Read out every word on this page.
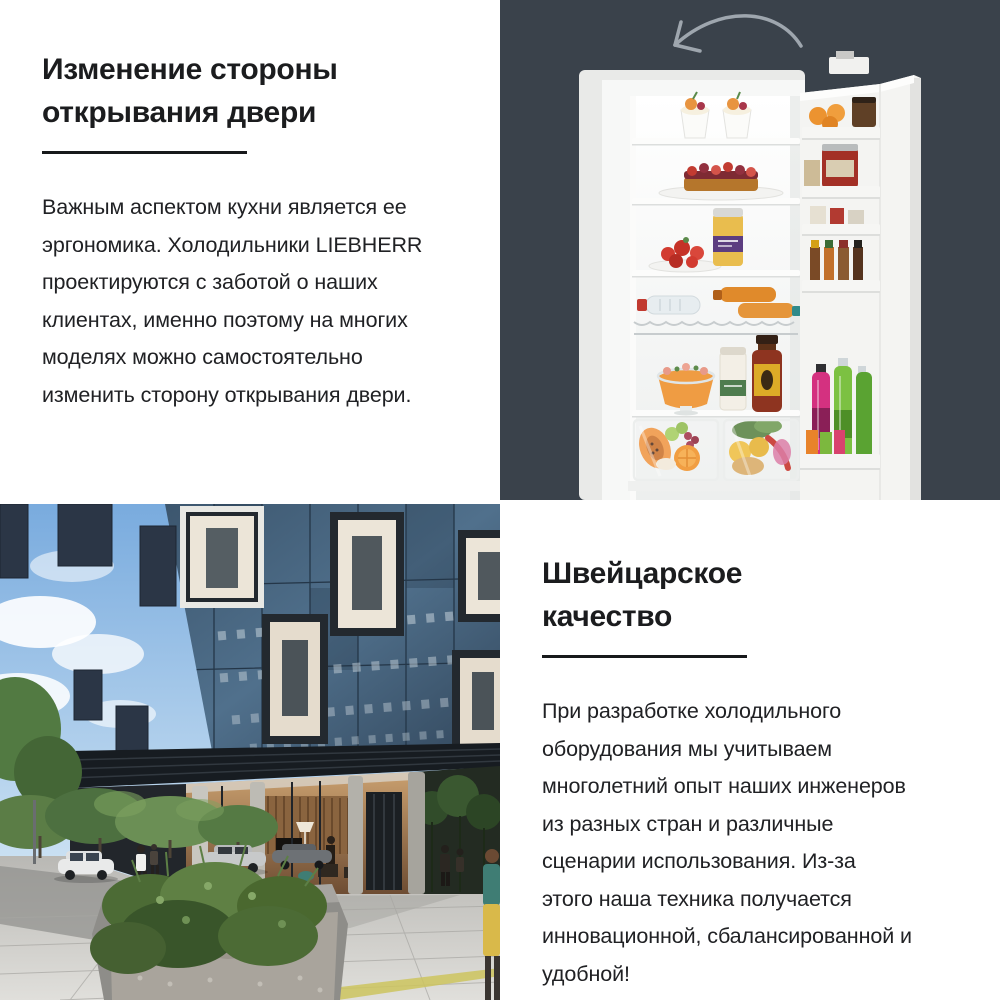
Изменение стороны
открывания двери
Важным аспектом кухни является ее
эргономика. Холодильники LIEBHERR
проектируются с заботой о наших
клиентах, именно поэтому на многих
моделях можно самостоятельно
изменить сторону открывания двери.
Швейцарское
качество
При разработке холодильного
оборудования мы учитываем
многолетний опыт наших инженеров
из разных стран и различные
сценарии использования. Из-за
этого наша техника получается
инновационной, сбалансированной и
удобной!
